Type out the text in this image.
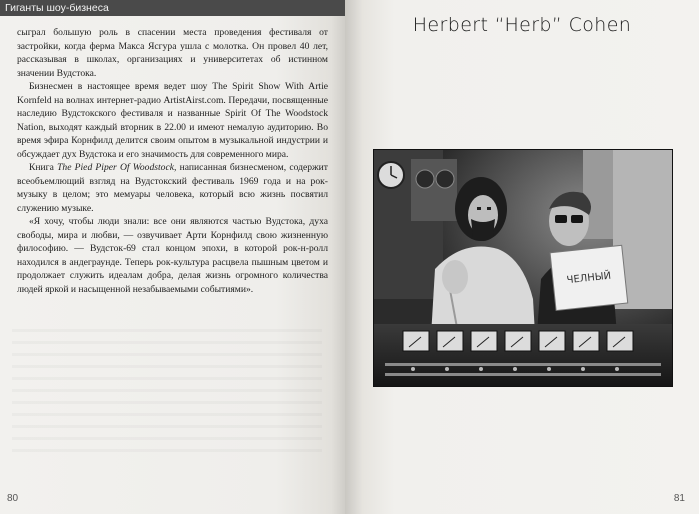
Гиганты шоу-бизнеса

сыграл большую роль в спасении места проведения фестиваля от застройки, когда ферма Макса Ясгура ушла с молотка. Он провел 40 лет, рассказывая в школах, организациях и университетах об истинном значении Вудстока.

Бизнесмен в настоящее время ведет шоу The Spirit Show With Artie Kornfeld на волнах интернет-радио ArtistAirst.com. Передачи, посвященные наследию Вудстокского фестиваля и названные Spirit Of The Woodstock Nation, выходят каждый вторник в 22.00 и имеют немалую аудиторию. Во время эфира Корнфилд делится своим опытом в музыкальной индустрии и обсуждает дух Вудстока и его значимость для современного мира.

Книга The Pied Piper Of Woodstock, написанная бизнесменом, содержит всеобъемлющий взгляд на Вудстокский фестиваль 1969 года и на рок-музыку в целом; это мемуары человека, который всю жизнь посвятил служению музыке.

«Я хочу, чтобы люди знали: все они являются частью Вудстока, духа свободы, мира и любви, — озвучивает Арти Корнфилд свою жизненную философию. — Вудсток-69 стал концом эпохи, в которой рок-н-ролл находился в андеграунде. Теперь рок-культура расцвела пышным цветом и продолжает служить идеалам добра, делая жизнь огромного количества людей яркой и насыщенной незабываемыми событиями».

80
Herbert “Herb” Cohen
ЧЕЛНЫЙ
81
